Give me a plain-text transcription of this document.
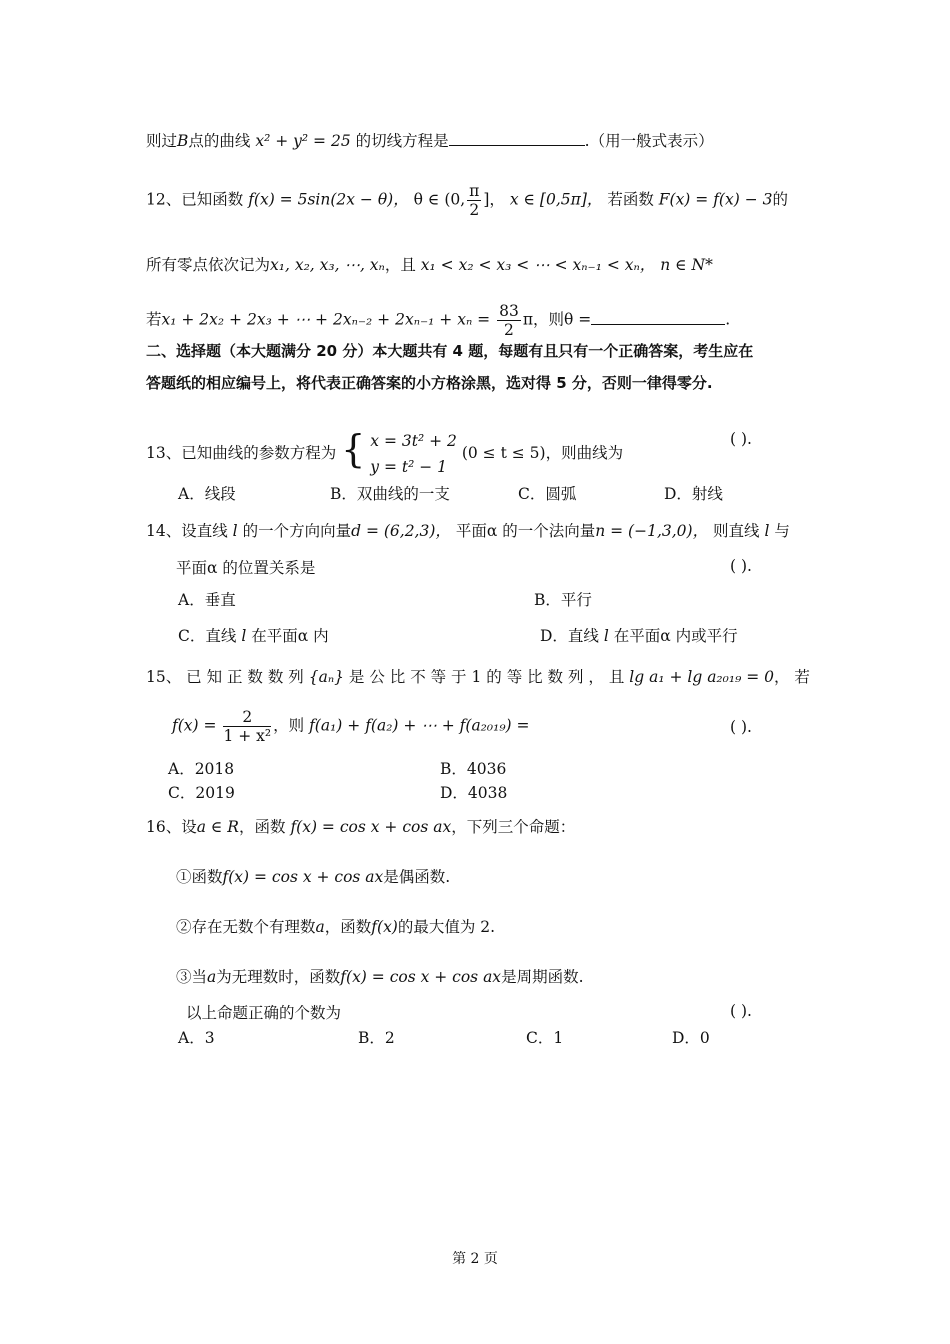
则过B点的曲线 x² + y² = 25 的切线方程是	.（用一般式表示）
12、已知函数 f(x) = 5sin(2x − θ)， θ ∈ (0, $\frac{\pi}{2}$ ]， x ∈ [0,5π]， 若函数 F(x) = f(x) − 3的
所有零点依次记为x₁, x₂, x₃, ⋯, xₙ，且 x₁ < x₂ < x₃ < ⋯ < xₙ₋₁ < xₙ， n ∈ N*
若x₁ + 2x₂ + 2x₃ + ⋯ + $2x_{n-2} + 2x_{n-1} + x_n = \frac{83}{2}$ π，则θ =	.
二、选择题（本大题满分 20 分）本大题共有 4 题，每题有且只有一个正确答案，考生应在
答题纸的相应编号上，将代表正确答案的小方格涂黑，选对得 5 分，否则一律得零分.
13、已知曲线的参数方程为 { x = 3t² + 2
y = t² − 1
(0 ≤ t ≤ 5)，则曲线为
( ).
A．线段	B．双曲线的一支	C．圆弧	D．射线
14、设直线 l 的一个方向向量d = (6,2,3)， 平面α 的一个法向量n = (−1,3,0)， 则直线 l 与
平面α 的位置关系是	( ).
A．垂直	B．平行
C．直线 l 在平面α 内	D．直线 l 在平面α 内或平行
15、 已 知 正 数 数 列 {aₙ} 是 公 比 不 等 于 1 的 等 比 数 列 ， 且 lg a₁ + lg a₂₀₁₉ = 0， 若
$f(x) = \frac{2}{\text{1 + x²}}$ ，则 f(a₁) + f(a₂) + ⋯ + f(a₂₀₁₉) =	( ).
A．2018	B．4036
C．2019	D．4038
16、设a ∈ R，函数 f(x) = cos x + cos ax，下列三个命题：
①函数f(x) = cos x + cos ax是偶函数.
②存在无数个有理数a，函数f(x)的最大值为 2.
③当a为无理数时，函数f(x) = cos x + cos ax是周期函数.
以上命题正确的个数为	( ).
A．3	B．2	C．1	D．0
第 2 页
